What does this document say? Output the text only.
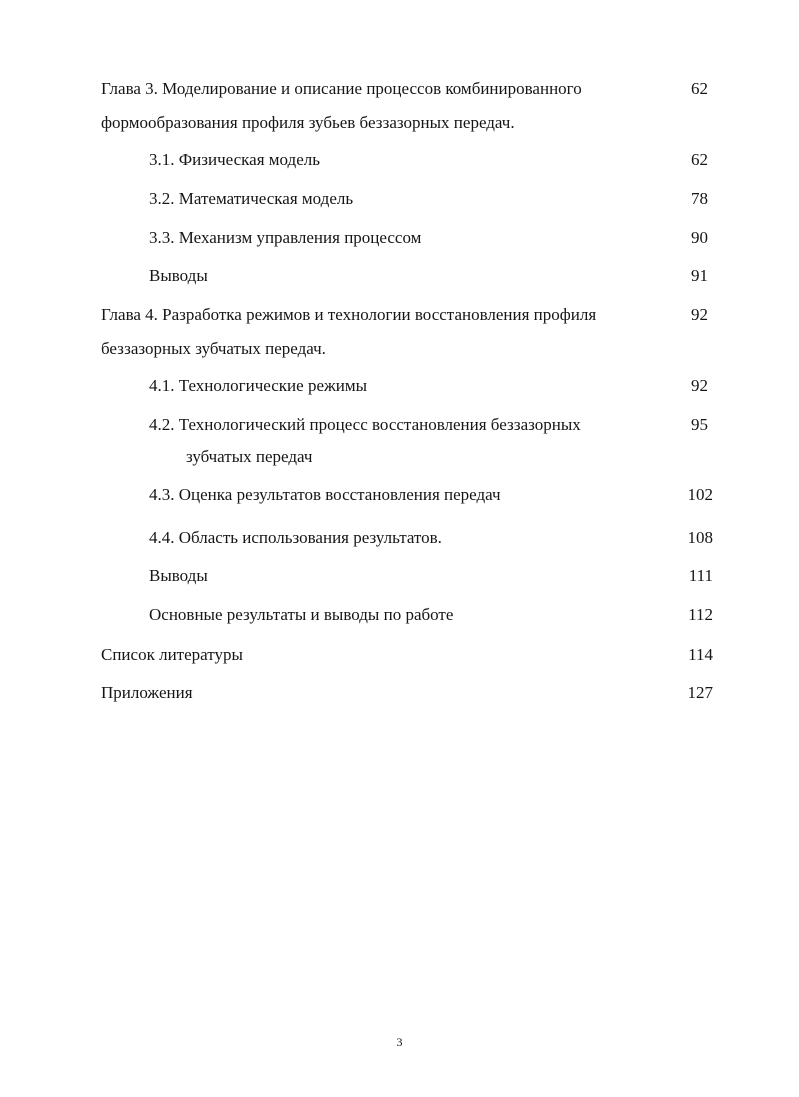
Глава 3. Моделирование и описание процессов комбинированного	62
формообразования профиля зубьев беззазорных передач.
3.1. Физическая модель	62
3.2. Математическая модель	78
3.3. Механизм управления процессом	90
Выводы	91
Глава 4. Разработка режимов и технологии восстановления профиля	92
беззазорных зубчатых передач.
4.1. Технологические режимы	92
4.2. Технологический процесс восстановления беззазорных	95
зубчатых передач
4.3. Оценка результатов восстановления передач	102
4.4. Область использования результатов.	108
Выводы	111
Основные результаты и выводы по работе	112
Список литературы	114
Приложения	127
3
